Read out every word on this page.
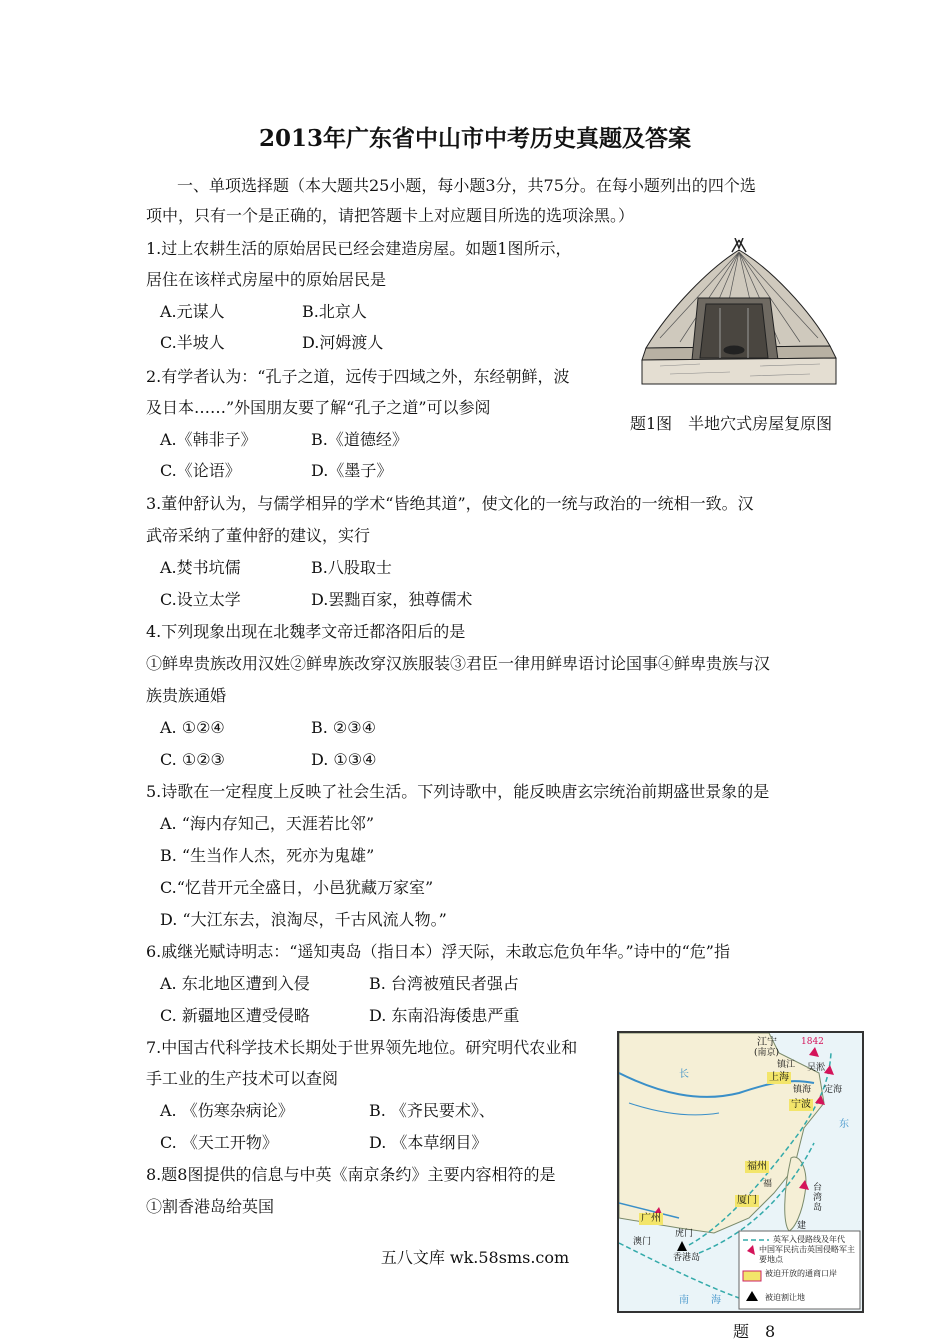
2013年广东省中山市中考历史真题及答案
一、单项选择题（本大题共25小题，每小题3分，共75分。在每小题列出的四个选
项中，只有一个是正确的，请把答题卡上对应题目所选的选项涂黑。）
1.过上农耕生活的原始居民已经会建造房屋。如题1图所示，
居住在该样式房屋中的原始居民是
A.元谋人	B.北京人
C.半坡人	D.河姆渡人
题1图　半地穴式房屋复原图
2.有学者认为：“孔子之道，远传于四域之外，东经朝鲜，波
及日本……”外国朋友要了解“孔子之道”可以参阅
A.《韩非子》	B.《道德经》
C.《论语》	D.《墨子》
3.董仲舒认为，与儒学相异的学术“皆绝其道”，使文化的一统与政治的一统相一致。汉
武帝采纳了董仲舒的建议，实行
A.焚书坑儒	B.八股取士
C.设立太学	D.罢黜百家，独尊儒术
4.下列现象出现在北魏孝文帝迁都洛阳后的是
①鲜卑贵族改用汉姓②鲜卑族改穿汉族服装③君臣一律用鲜卑语讨论国事④鲜卑贵族与汉
族贵族通婚
A. ①②④	B. ②③④
C. ①②③	D. ①③④
5.诗歌在一定程度上反映了社会生活。下列诗歌中，能反映唐玄宗统治前期盛世景象的是
A. “海内存知己，天涯若比邻”
B. “生当作人杰，死亦为鬼雄”
C.“忆昔开元全盛日，小邑犹藏万家室”
D. “大江东去，浪淘尽，千古风流人物。”
6.戚继光赋诗明志：“遥知夷岛（指日本）浮天际，未敢忘危负年华。”诗中的“危”指
A. 东北地区遭到入侵	B. 台湾被殖民者强占
C. 新疆地区遭受侵略	D. 东南沿海倭患严重
7.中国古代科学技术长期处于世界领先地位。研究明代农业和
手工业的生产技术可以查阅
A. 《伤寒杂病论》	B. 《齐民要术》、
C. 《天工开物》	D. 《本草纲目》
8.题8图提供的信息与中英《南京条约》主要内容相符的是
①割香港岛给英国
江宁
(南京)
1842
镇江 吴淞
上海
镇海 定海
宁波
福州
福
厦门
台湾岛
建
广州
虎门
澳门
香港岛
长
东
南 海
英军入侵路线及年代
中国军民抗击英国侵略军主要地点
被迫开放的通商口岸
被迫割让地
题　8
五八文库 wk.58sms.com
